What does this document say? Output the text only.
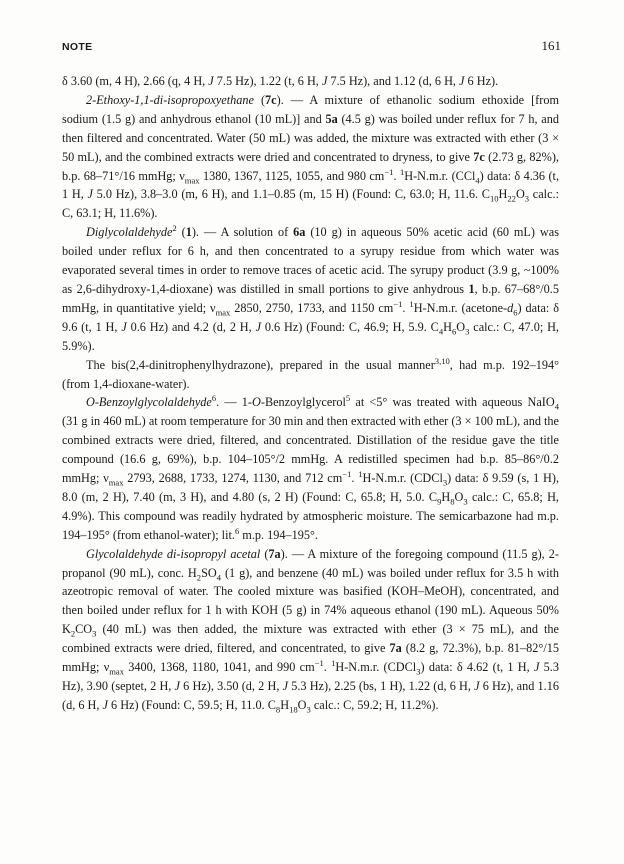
NOTE	161

δ 3.60 (m, 4 H), 2.66 (q, 4 H, J 7.5 Hz), 1.22 (t, 6 H, J 7.5 Hz), and 1.12 (d, 6 H, J 6 Hz).

2-Ethoxy-1,1-di-isopropoxyethane (7c). — A mixture of ethanolic sodium ethoxide [from sodium (1.5 g) and anhydrous ethanol (10 mL)] and 5a (4.5 g) was boiled under reflux for 7 h, and then filtered and concentrated. Water (50 mL) was added, the mixture was extracted with ether (3 × 50 mL), and the combined extracts were dried and concentrated to dryness, to give 7c (2.73 g, 82%), b.p. 68–71°/16 mmHg; $\nu_{max}$ 1380, 1367, 1125, 1055, and 980 $cm^{-1}$. $^1$H-N.m.r. (CCl$_4$) data: δ 4.36 (t, 1 H, J 5.0 Hz), 3.8–3.0 (m, 6 H), and 1.1–0.85 (m, 15 H) (Found: C, 63.0; H, 11.6. $C_{10}H_{22}O_3$ calc.: C, 63.1; H, 11.6%).

Diglycolaldehyde$^2$ (1). — A solution of 6a (10 g) in aqueous 50% acetic acid (60 mL) was boiled under reflux for 6 h, and then concentrated to a syrupy residue from which water was evaporated several times in order to remove traces of acetic acid. The syrupy product (3.9 g, ~100% as 2,6-dihydroxy-1,4-dioxane) was distilled in small portions to give anhydrous 1, b.p. 67–68°/0.5 mmHg, in quantitative yield; $\nu_{max}$ 2850, 2750, 1733, and 1150 $cm^{-1}$. $^1$H-N.m.r. $(acetone-d_6)$ data: δ 9.6 (t, 1 H, J 0.6 Hz) and 4.2 (d, 2 H, J 0.6 Hz) (Found: C, 46.9; H, 5.9. $C_4H_6O_3$ calc.: C, 47.0; H, 5.9%).

The bis(2,4-dinitrophenylhydrazone), prepared in the usual manner$^{3,10}$, had m.p. 192–194° (from 1,4-dioxane-water).

O-Benzoylglycolaldehyde$^6$. — 1-O-Benzoylglycerol$^5$ at <5° was treated with aqueous NaIO$_4$ (31 g in 460 mL) at room temperature for 30 min and then extracted with ether (3 × 100 mL), and the combined extracts were dried, filtered, and concentrated. Distillation of the residue gave the title compound (16.6 g, 69%), b.p. 104–105°/2 mmHg. A redistilled specimen had b.p. 85–86°/0.2 mmHg; $\nu_{max}$ 2793, 2688, 1733, 1274, 1130, and 712 $cm^{-1}$. $^1$H-N.m.r. (CDCl$_3$) data: δ 9.59 (s, 1 H), 8.0 (m, 2 H), 7.40 (m, 3 H), and 4.80 (s, 2 H) (Found: C, 65.8; H, 5.0. $C_9H_8O_3$ calc.: C, 65.8; H, 4.9%). This compound was readily hydrated by atmospheric moisture. The semicarbazone had m.p. 194–195° (from ethanol-water); lit.$^6$ m.p. 194–195°.

Glycolaldehyde di-isopropyl acetal (7a). — A mixture of the foregoing compound (11.5 g), 2-propanol (90 mL), conc. $H_2SO_4$ (1 g), and benzene (40 mL) was boiled under reflux for 3.5 h with azeotropic removal of water. The cooled mixture was basified (KOH–MeOH), concentrated, and then boiled under reflux for 1 h with KOH (5 g) in 74% aqueous ethanol (190 mL). Aqueous 50% $K_2CO_3$ (40 mL) was then added, the mixture was extracted with ether (3 × 75 mL), and the combined extracts were dried, filtered, and concentrated, to give 7a (8.2 g, 72.3%), b.p. 81–82°/15 mmHg; $\nu_{max}$ 3400, 1368, 1180, 1041, and 990 $cm^{-1}$. $^1$H-N.m.r. (CDCl$_3$) data: δ 4.62 (t, 1 H, J 5.3 Hz), 3.90 (septet, 2 H, J 6 Hz), 3.50 (d, 2 H, J 5.3 Hz), 2.25 (bs, 1 H), 1.22 (d, 6 H, J 6 Hz), and 1.16 (d, 6 H, J 6 Hz) (Found: C, 59.5; H, 11.0. $C_8H_{18}O_3$ calc.: C, 59.2; H, 11.2%).
